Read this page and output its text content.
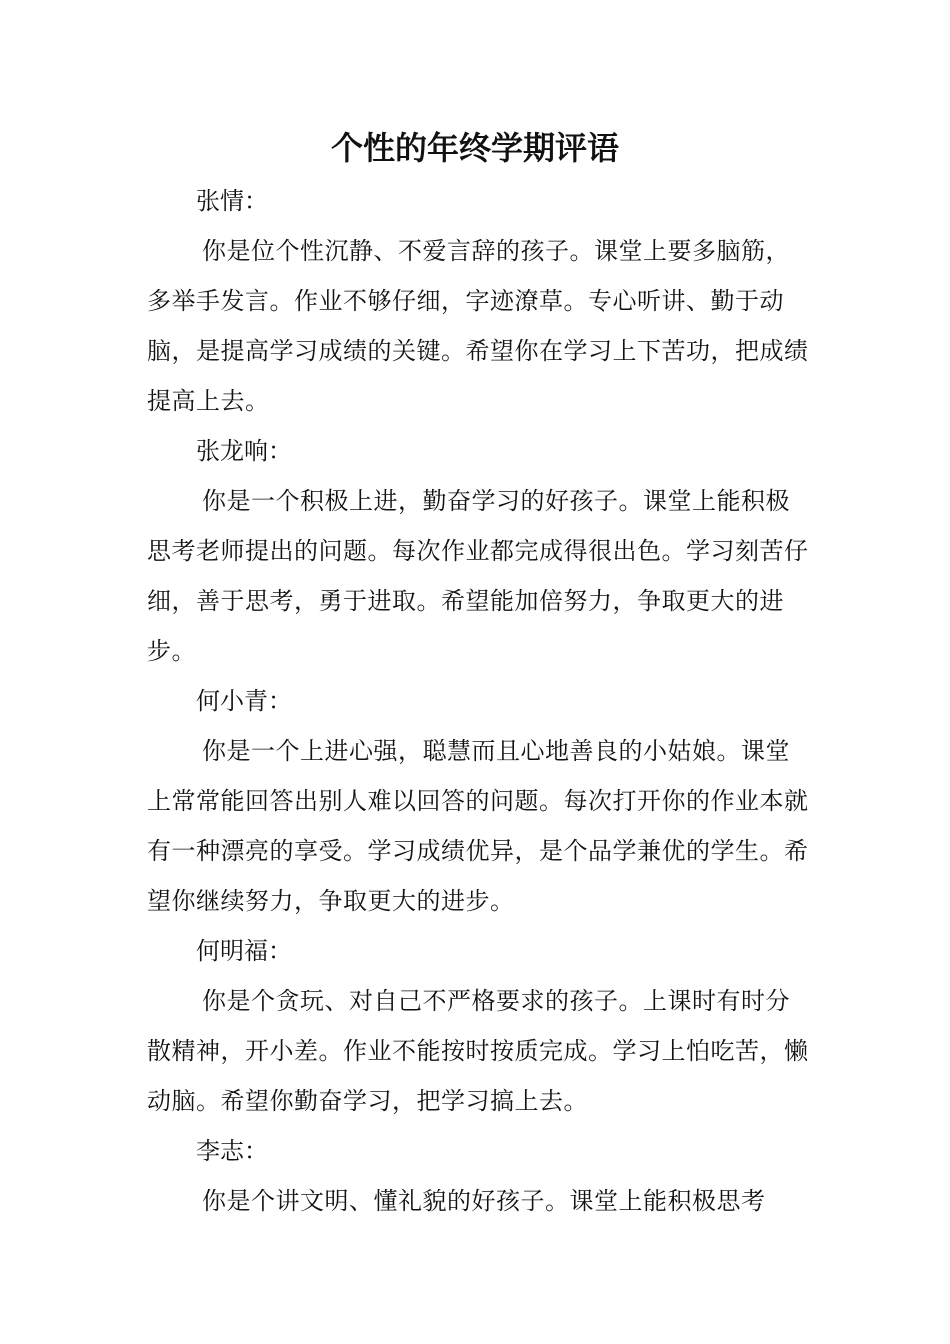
个性的年终学期评语

张情：

你是位个性沉静、不爱言辞的孩子。课堂上要多脑筋，多举手发言。作业不够仔细，字迹潦草。专心听讲、勤于动脑，是提高学习成绩的关键。希望你在学习上下苦功，把成绩提高上去。

张龙响：

你是一个积极上进，勤奋学习的好孩子。课堂上能积极思考老师提出的问题。每次作业都完成得很出色。学习刻苦仔细，善于思考，勇于进取。希望能加倍努力，争取更大的进步。

何小青：

你是一个上进心强，聪慧而且心地善良的小姑娘。课堂上常常能回答出别人难以回答的问题。每次打开你的作业本就有一种漂亮的享受。学习成绩优异，是个品学兼优的学生。希望你继续努力，争取更大的进步。

何明福：

你是个贪玩、对自己不严格要求的孩子。上课时有时分散精神，开小差。作业不能按时按质完成。学习上怕吃苦，懒动脑。希望你勤奋学习，把学习搞上去。

李志：

你是个讲文明、懂礼貌的好孩子。课堂上能积极思考
